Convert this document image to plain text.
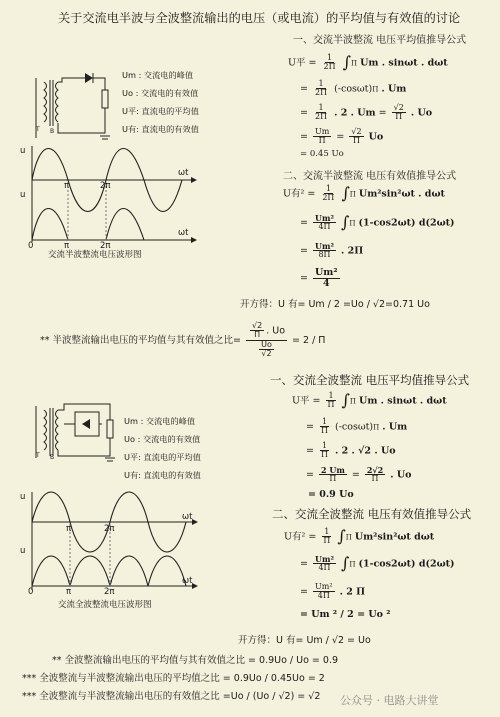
关于交流电半波与全波整流输出的电压（或电流）的平均值与有效值的讨论
T B
Um : 交流电的峰值
Uo : 交流电的有效值
U平: 直流电的平均值
U有: 直流电的有效值
u
u
ωt
ωt
π	2π
0	π	2π
交流半波整流电压波形图
一、交流半波整流 电压平均值推导公式
U平 = $\frac{1}{2\Pi} \int\Pi$ Um . sinωt . dωt
= $\frac{1}{2\Pi} (-\cos\omega t)\Pi$ . Um
= $\frac{1}{2\Pi}$ . 2 . $Um = \frac{√2}{\Pi}$ . Uo
= $\frac{Um}{\Pi} = \frac{√2}{\Pi}$ Uo
= 0.45 Uo
二、交流半波整流 电压有效值推导公式
U有$^2 = \frac{1}{2\Pi} \int\Pi$ Um²sin²ωt . dωt
= $\frac{\text{Um²}}{4\Pi} \int\Pi$ (1-cos2ωt) d(2ωt)
= $\frac{\text{Um²}}{8\Pi}$ . 2Π
= $\frac{\text{Um²}}{4}$
开方得：U 有= Um / 2 =Uo / √2=0.71 Uo
** 半波整流输出电压的平均值与其有效值之比= $\frac{\frac{√2}{\Pi} . Uo}{\frac{Uo}{√2}} = 2 / \Pi$
一、交流全波整流 电压平均值推导公式
T B
Um : 交流电的峰值
Uo : 交流电的有效值
U平: 直流电的平均值
U有: 直流电的有效值
u
u
ωt
ωt
π	2π
0	π	2π
交流全波整流电压波形图
U平 = $\frac{1}{\Pi} \int\Pi$ Um . sinωt . dωt
= $\frac{1}{\Pi} (-\cos\omega t)\Pi$ . Um
= $\frac{1}{\Pi}$ . 2 . √2 . Uo
= $\frac{2 Um}{\Pi} = \frac{2√2}{\Pi}$ . Uo
= 0.9 Uo
二、交流全波整流 电压有效值推导公式
U有$^2 = \frac{1}{\Pi} \int\Pi$ Um²sin²ωt dωt
= $\frac{\text{Um²}}{4\Pi} \int\Pi$ (1-cos2ωt) d(2ωt)
= $\frac{\text{Um²}}{4\Pi}$ . 2 Π
= Um ² / 2 = Uo ²
开方得：U 有= Um / √2 = Uo
** 全波整流输出电压的平均值与其有效值之比 = 0.9Uo / Uo = 0.9
*** 全波整流与半波整流输出电压的平均值之比 = 0.9Uo / 0.45Uo = 2
*** 全波整流与半波整流输出电压的有效值之比 =Uo / (Uo / √2) = √2 公众号 · 电路大讲堂
